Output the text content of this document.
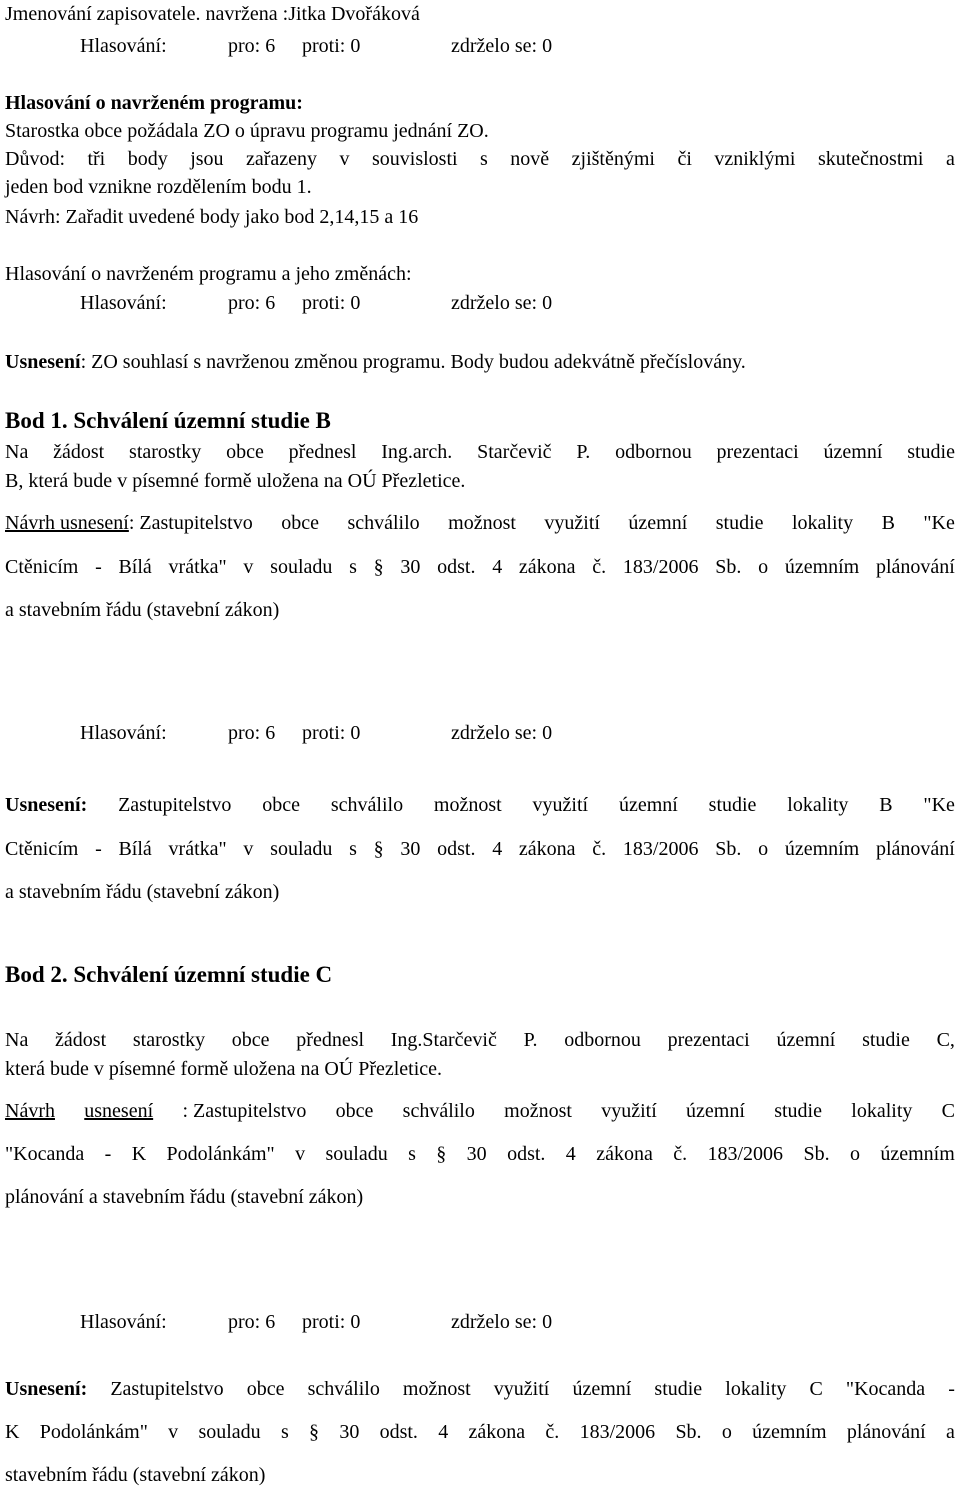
Jmenování zapisovatele. navržena :Jitka Dvořáková
Hlasování:	pro: 6 proti: 0	zdrželo se: 0
Hlasování o navrženém programu:
Starostka obce požádala ZO o úpravu programu jednání ZO.
Důvod: tři body jsou zařazeny v souvislosti s nově zjištěnými či vzniklými skutečnostmi a
jeden bod vznikne rozdělením bodu 1.
Návrh: Zařadit uvedené body jako bod 2,14,15 a 16
Hlasování o navrženém programu a jeho změnách:
Hlasování:	pro: 6 proti: 0	zdrželo se: 0
Usnesení: ZO souhlasí s navrženou změnou programu. Body budou adekvátně přečíslovány.
Bod 1. Schválení územní studie B
Na žádost starostky obce přednesl Ing.arch. Starčevič P. odbornou prezentaci územní studie
B, která bude v písemné formě uložena na OÚ Přezletice.
Návrh usnesení: Zastupitelstvo obce schválilo možnost využití územní studie lokality B "Ke
Ctěnicím - Bílá vrátka" v souladu s § 30 odst. 4 zákona č. 183/2006 Sb. o územním plánování
a stavebním řádu (stavební zákon)
Hlasování:	pro: 6 proti: 0	zdrželo se: 0
Usnesení: Zastupitelstvo obce schválilo možnost využití územní studie lokality B "Ke
Ctěnicím - Bílá vrátka" v souladu s § 30 odst. 4 zákona č. 183/2006 Sb. o územním plánování
a stavebním řádu (stavební zákon)
Bod 2. Schválení územní studie C
Na žádost starostky obce přednesl Ing.Starčevič P. odbornou prezentaci územní studie C,
která bude v písemné formě uložena na OÚ Přezletice.
Návrh usnesení : Zastupitelstvo obce schválilo možnost využití územní studie lokality C
"Kocanda - K Podolánkám" v souladu s § 30 odst. 4 zákona č. 183/2006 Sb. o územním
plánování a stavebním řádu (stavební zákon)
Hlasování:	pro: 6 proti: 0	zdrželo se: 0
Usnesení: Zastupitelstvo obce schválilo možnost využití územní studie lokality C "Kocanda -
K Podolánkám" v souladu s § 30 odst. 4 zákona č. 183/2006 Sb. o územním plánování a
stavebním řádu (stavební zákon)
